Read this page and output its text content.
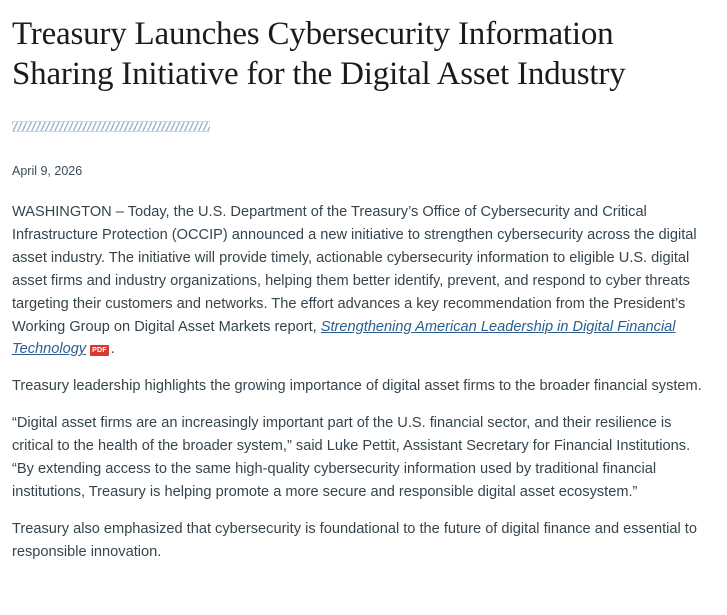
Treasury Launches Cybersecurity Information Sharing Initiative for the Digital Asset Industry
April 9, 2026

WASHINGTON – Today, the U.S. Department of the Treasury’s Office of Cybersecurity and Critical Infrastructure Protection (OCCIP) announced a new initiative to strengthen cybersecurity across the digital asset industry. The initiative will provide timely, actionable cybersecurity information to eligible U.S. digital asset firms and industry organizations, helping them better identify, prevent, and respond to cyber threats targeting their customers and networks. The effort advances a key recommendation from the President’s Working Group on Digital Asset Markets report, Strengthening American Leadership in Digital Financial Technology PDF .

Treasury leadership highlights the growing importance of digital asset firms to the broader financial system.

“Digital asset firms are an increasingly important part of the U.S. financial sector, and their resilience is critical to the health of the broader system,” said Luke Pettit, Assistant Secretary for Financial Institutions. “By extending access to the same high-quality cybersecurity information used by traditional financial institutions, Treasury is helping promote a more secure and responsible digital asset ecosystem.”

Treasury also emphasized that cybersecurity is foundational to the future of digital finance and essential to responsible innovation.
